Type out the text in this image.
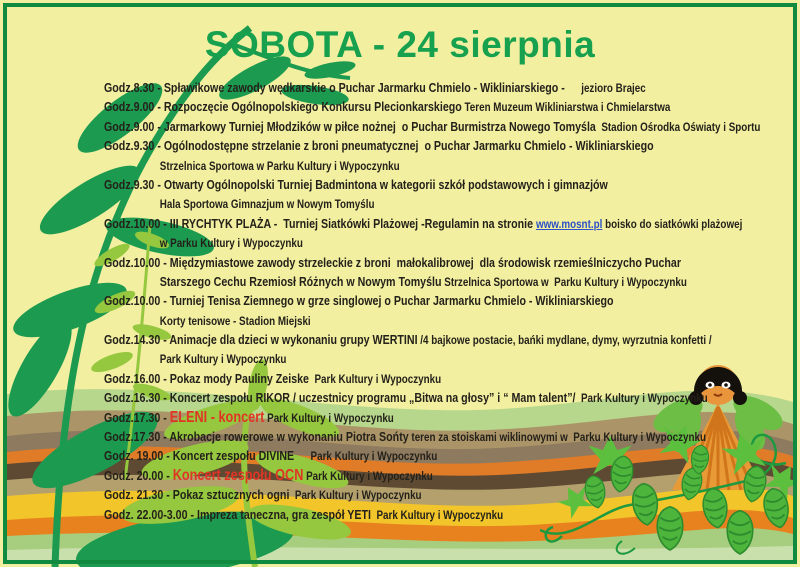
SOBOTA - 24 sierpnia
Godz.8.30 - Spławikowe zawody wędkarskie o Puchar Jarmarku Chmielo - Wikliniarskiego -      jezioro Brajec
Godz.9.00 - Rozpoczęcie Ogólnopolskiego Konkursu Plecionkarskiego Teren Muzeum Wikliniarstwa i Chmielarstwa
Godz.9.00 - Jarmarkowy Turniej Młodzików w piłce nożnej  o Puchar Burmistrza Nowego Tomyśla  Stadion Ośrodka Oświaty i Sportu
Godz.9.30 - Ogólnodostępne strzelanie z broni pneumatycznej  o Puchar Jarmarku Chmielo - Wikliniarskiego
Strzelnica Sportowa w Parku Kultury i Wypoczynku
Godz.9.30 - Otwarty Ogólnopolski Turniej Badmintona w kategorii szkół podstawowych i gimnazjów
Hala Sportowa Gimnazjum w Nowym Tomyślu
Godz.10.00 - III RYCHTYK PLAŻA -  Turniej Siatkówki Plażowej -Regulamin na stronie www.mosnt.pl boisko do siatkówki plażowej
w Parku Kultury i Wypoczynku
Godz.10.00 - Międzymiastowe zawody strzeleckie z broni  małokalibrowej  dla środowisk rzemieślniczycho Puchar
Starszego Cechu Rzemiosł Różnych w Nowym Tomyślu Strzelnica Sportowa w  Parku Kultury i Wypoczynku
Godz.10.00 - Turniej Tenisa Ziemnego w grze singlowej o Puchar Jarmarku Chmielo - Wikliniarskiego
Korty tenisowe - Stadion Miejski
Godz.14.30 - Animacje dla dzieci w wykonaniu grupy WERTINI /4 bajkowe postacie, bańki mydlane, dymy, wyrzutnia konfetti /
Park Kultury i Wypoczynku
Godz.16.00 - Pokaz mody Pauliny Zeiske  Park Kultury i Wypoczynku
Godz.16.30 - Koncert zespołu RIKOR / uczestnicy programu „Bitwa na głosy” i “ Mam talent”/  Park Kultury i Wypoczynku
Godz.17.30 - ELENI - koncert Park Kultury i Wypoczynku
Godz.17.30 - Akrobacje rowerowe w wykonaniu Piotra Sońty teren za stoiskami wiklinowymi w  Parku Kultury i Wypoczynku
Godz. 19.00 - Koncert zespołu DIVINE      Park Kultury i Wypoczynku
Godz. 20.00 - Koncert zespołu OCN Park Kultury i Wypoczynku
Godz. 21.30 - Pokaz sztucznych ogni  Park Kultury i Wypoczynku
Godz. 22.00-3.00 - Impreza taneczna, gra zespół YETI  Park Kultury i Wypoczynku
